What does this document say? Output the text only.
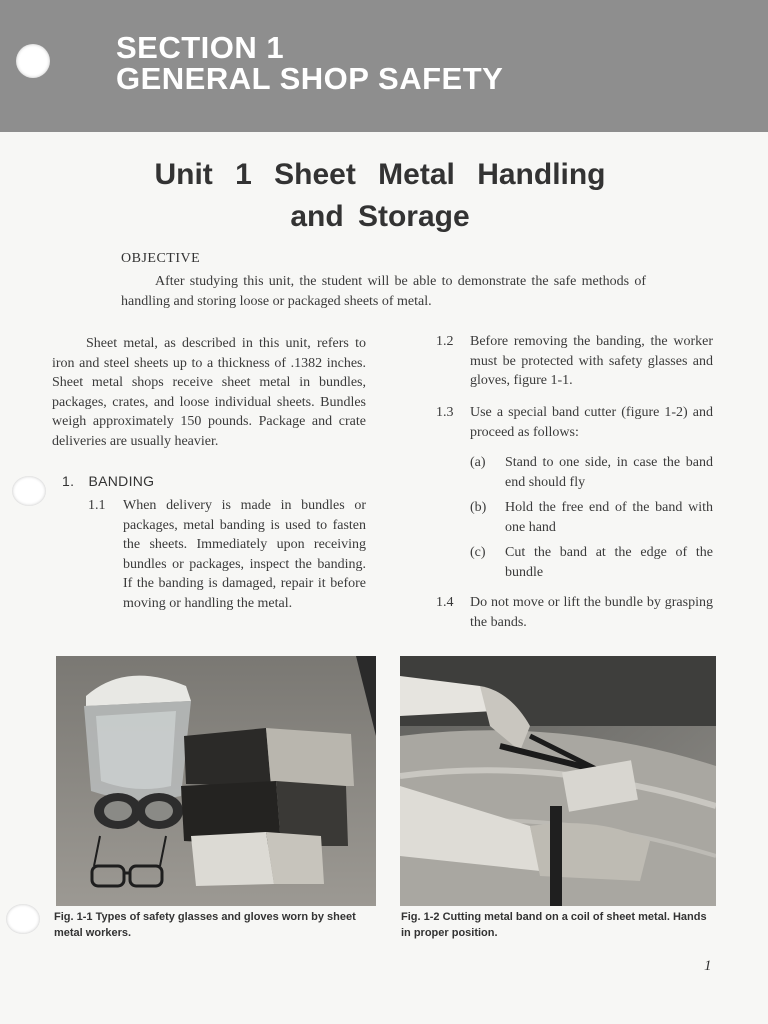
SECTION 1
GENERAL SHOP SAFETY
Unit 1 Sheet Metal Handling
and Storage
OBJECTIVE
After studying this unit, the student will be able to demonstrate the safe methods of handling and storing loose or packaged sheets of metal.
Sheet metal, as described in this unit, refers to iron and steel sheets up to a thickness of .1382 inches. Sheet metal shops receive sheet metal in bundles, packages, crates, and loose individual sheets. Bundles weigh approximately 150 pounds. Package and crate deliveries are usually heavier.
1. BANDING
1.1 When delivery is made in bundles or packages, metal banding is used to fasten the sheets. Immediately upon receiving bundles or packages, inspect the banding. If the banding is damaged, repair it before moving or handling the metal.
1.2 Before removing the banding, the worker must be protected with safety glasses and gloves, figure 1-1.
1.3 Use a special band cutter (figure 1-2) and proceed as follows:
(a) Stand to one side, in case the band end should fly
(b) Hold the free end of the band with one hand
(c) Cut the band at the edge of the bundle
1.4 Do not move or lift the bundle by grasping the bands.
Fig. 1-1 Types of safety glasses and gloves worn by sheet metal workers.
Fig. 1-2 Cutting metal band on a coil of sheet metal. Hands in proper position.
1
